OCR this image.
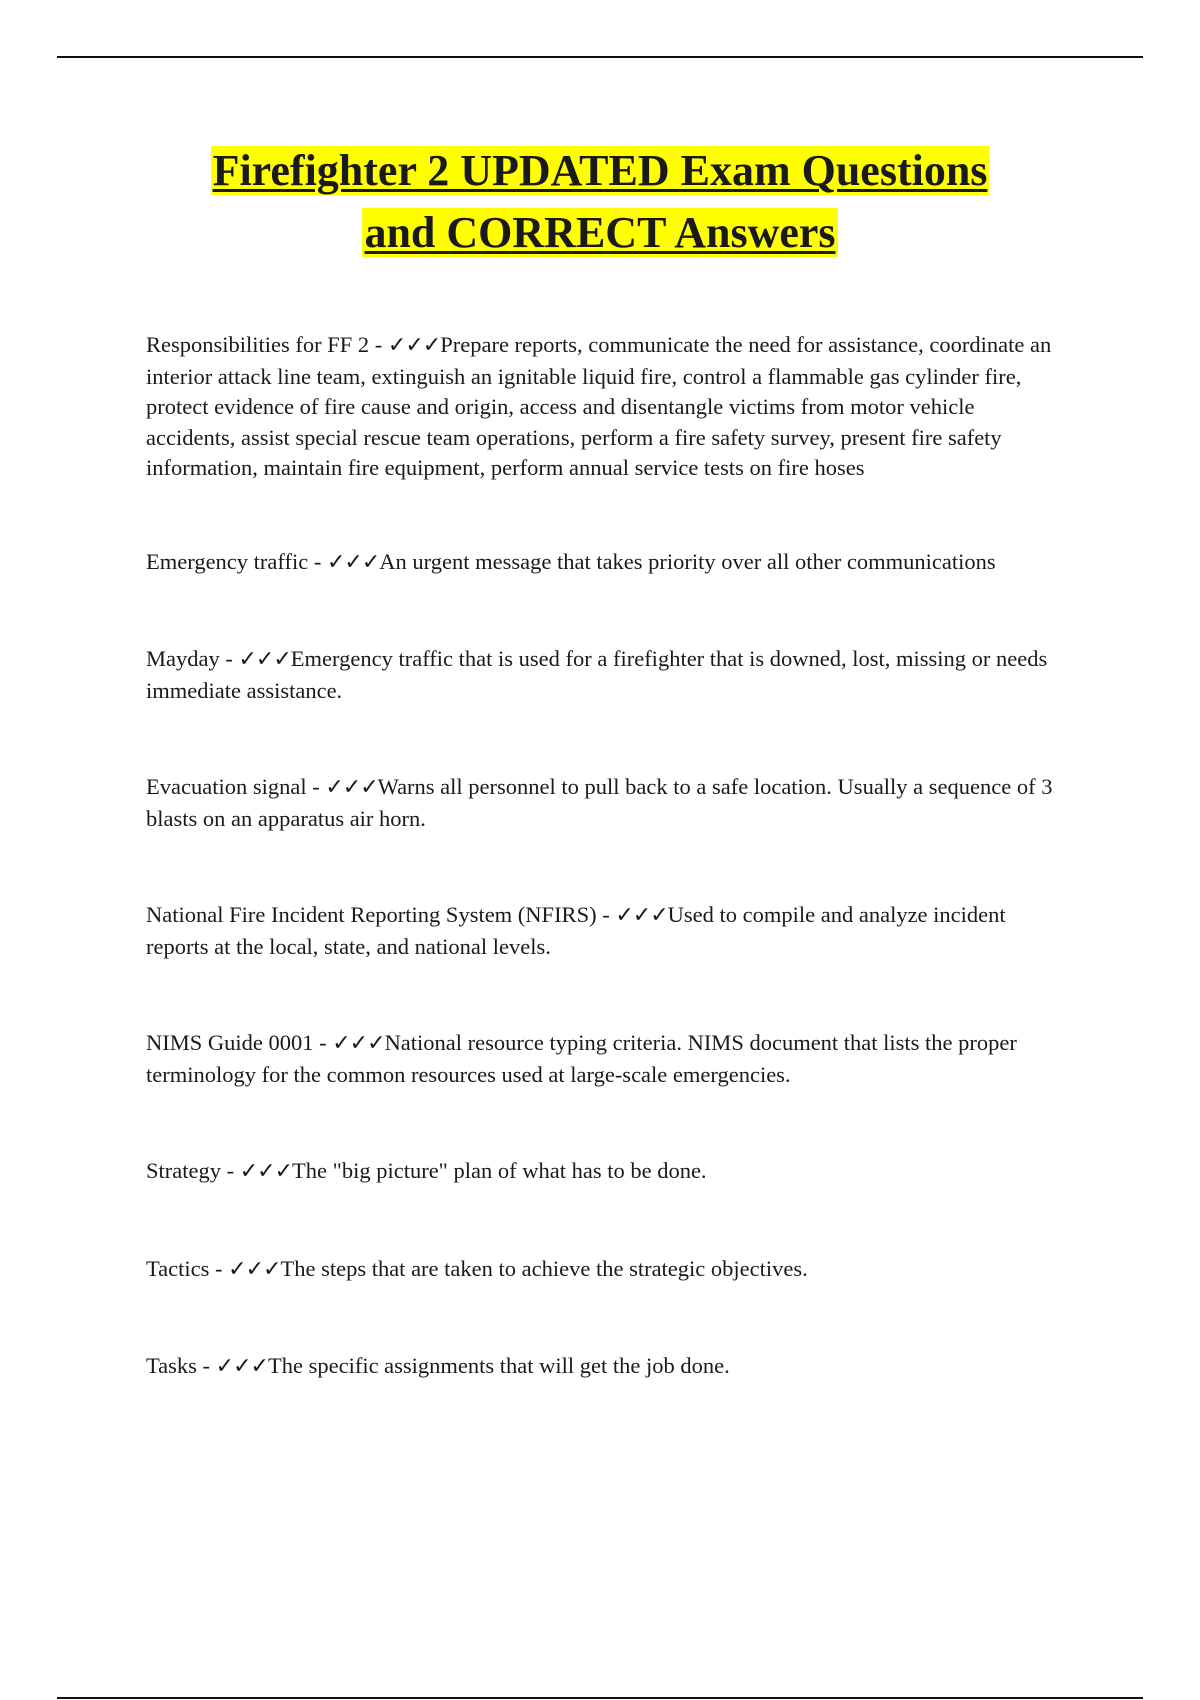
Firefighter 2 UPDATED Exam Questions
and CORRECT Answers

Responsibilities for FF 2 - ✓✓✓Prepare reports, communicate the need for assistance, coordinate an interior attack line team, extinguish an ignitable liquid fire, control a flammable gas cylinder fire, protect evidence of fire cause and origin, access and disentangle victims from motor vehicle accidents, assist special rescue team operations, perform a fire safety survey, present fire safety information, maintain fire equipment, perform annual service tests on fire hoses

Emergency traffic - ✓✓✓An urgent message that takes priority over all other communications

Mayday - ✓✓✓Emergency traffic that is used for a firefighter that is downed, lost, missing or needs immediate assistance.

Evacuation signal - ✓✓✓Warns all personnel to pull back to a safe location. Usually a sequence of 3 blasts on an apparatus air horn.

National Fire Incident Reporting System (NFIRS) - ✓✓✓Used to compile and analyze incident reports at the local, state, and national levels.

NIMS Guide 0001 - ✓✓✓National resource typing criteria. NIMS document that lists the proper terminology for the common resources used at large-scale emergencies.

Strategy - ✓✓✓The "big picture" plan of what has to be done.

Tactics - ✓✓✓The steps that are taken to achieve the strategic objectives.

Tasks - ✓✓✓The specific assignments that will get the job done.
